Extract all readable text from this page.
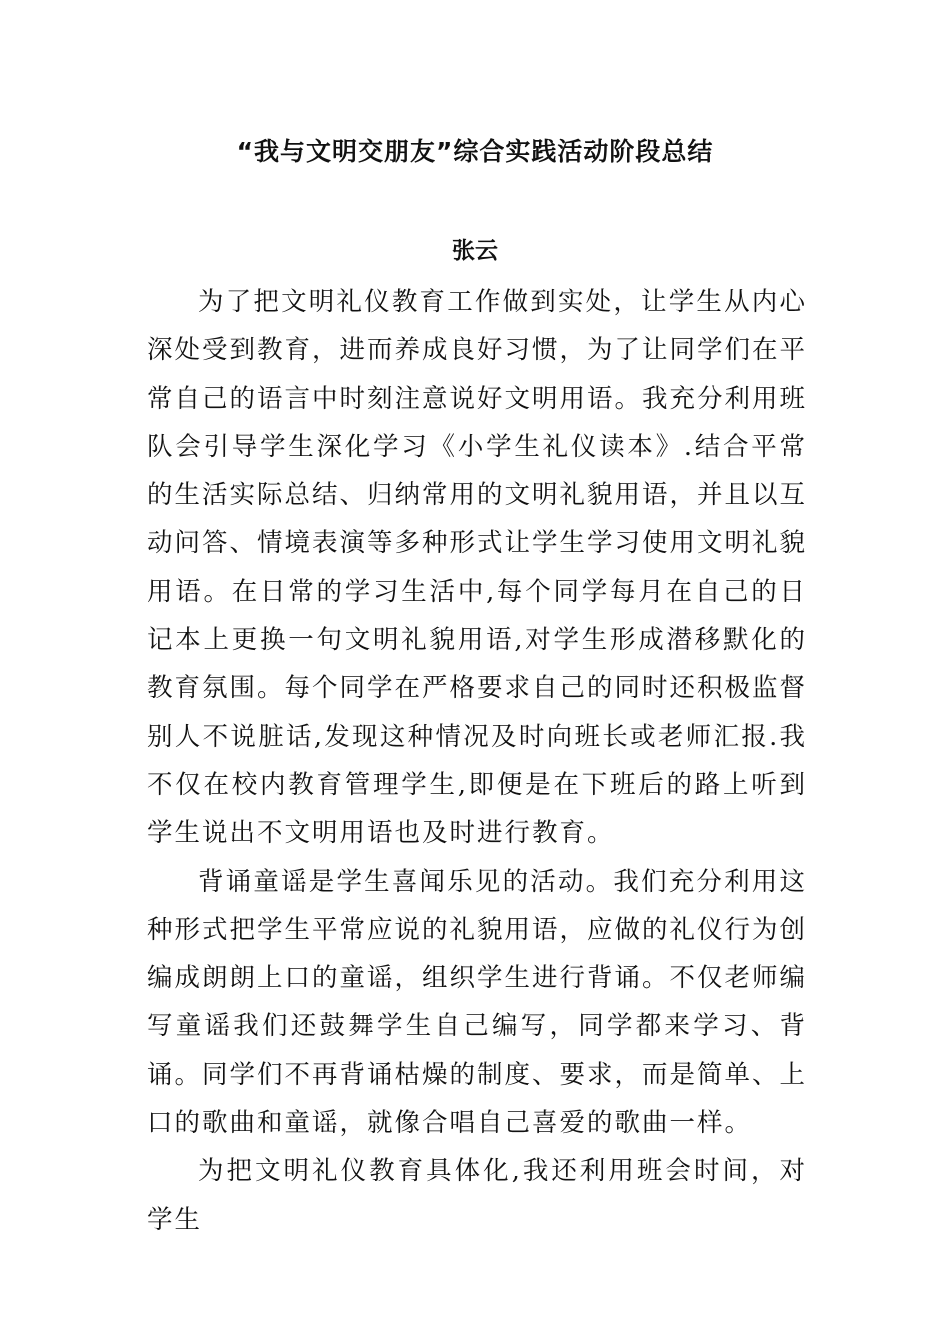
“我与文明交朋友”综合实践活动阶段总结
张云

为了把文明礼仪教育工作做到实处，让学生从内心深处受到教育，进而养成良好习惯，为了让同学们在平常自己的语言中时刻注意说好文明用语。我充分利用班队会引导学生深化学习《小学生礼仪读本》.结合平常的生活实际总结、归纳常用的文明礼貌用语，并且以互动问答、情境表演等多种形式让学生学习使用文明礼貌用语。在日常的学习生活中,每个同学每月在自己的日记本上更换一句文明礼貌用语,对学生形成潜移默化的教育氛围。每个同学在严格要求自己的同时还积极监督别人不说脏话,发现这种情况及时向班长或老师汇报.我不仅在校内教育管理学生,即便是在下班后的路上听到学生说出不文明用语也及时进行教育。

背诵童谣是学生喜闻乐见的活动。我们充分利用这种形式把学生平常应说的礼貌用语，应做的礼仪行为创编成朗朗上口的童谣，组织学生进行背诵。不仅老师编写童谣我们还鼓舞学生自己编写，同学都来学习、背诵。同学们不再背诵枯燥的制度、要求，而是简单、上口的歌曲和童谣，就像合唱自己喜爱的歌曲一样。

为把文明礼仪教育具体化,我还利用班会时间，对学生
